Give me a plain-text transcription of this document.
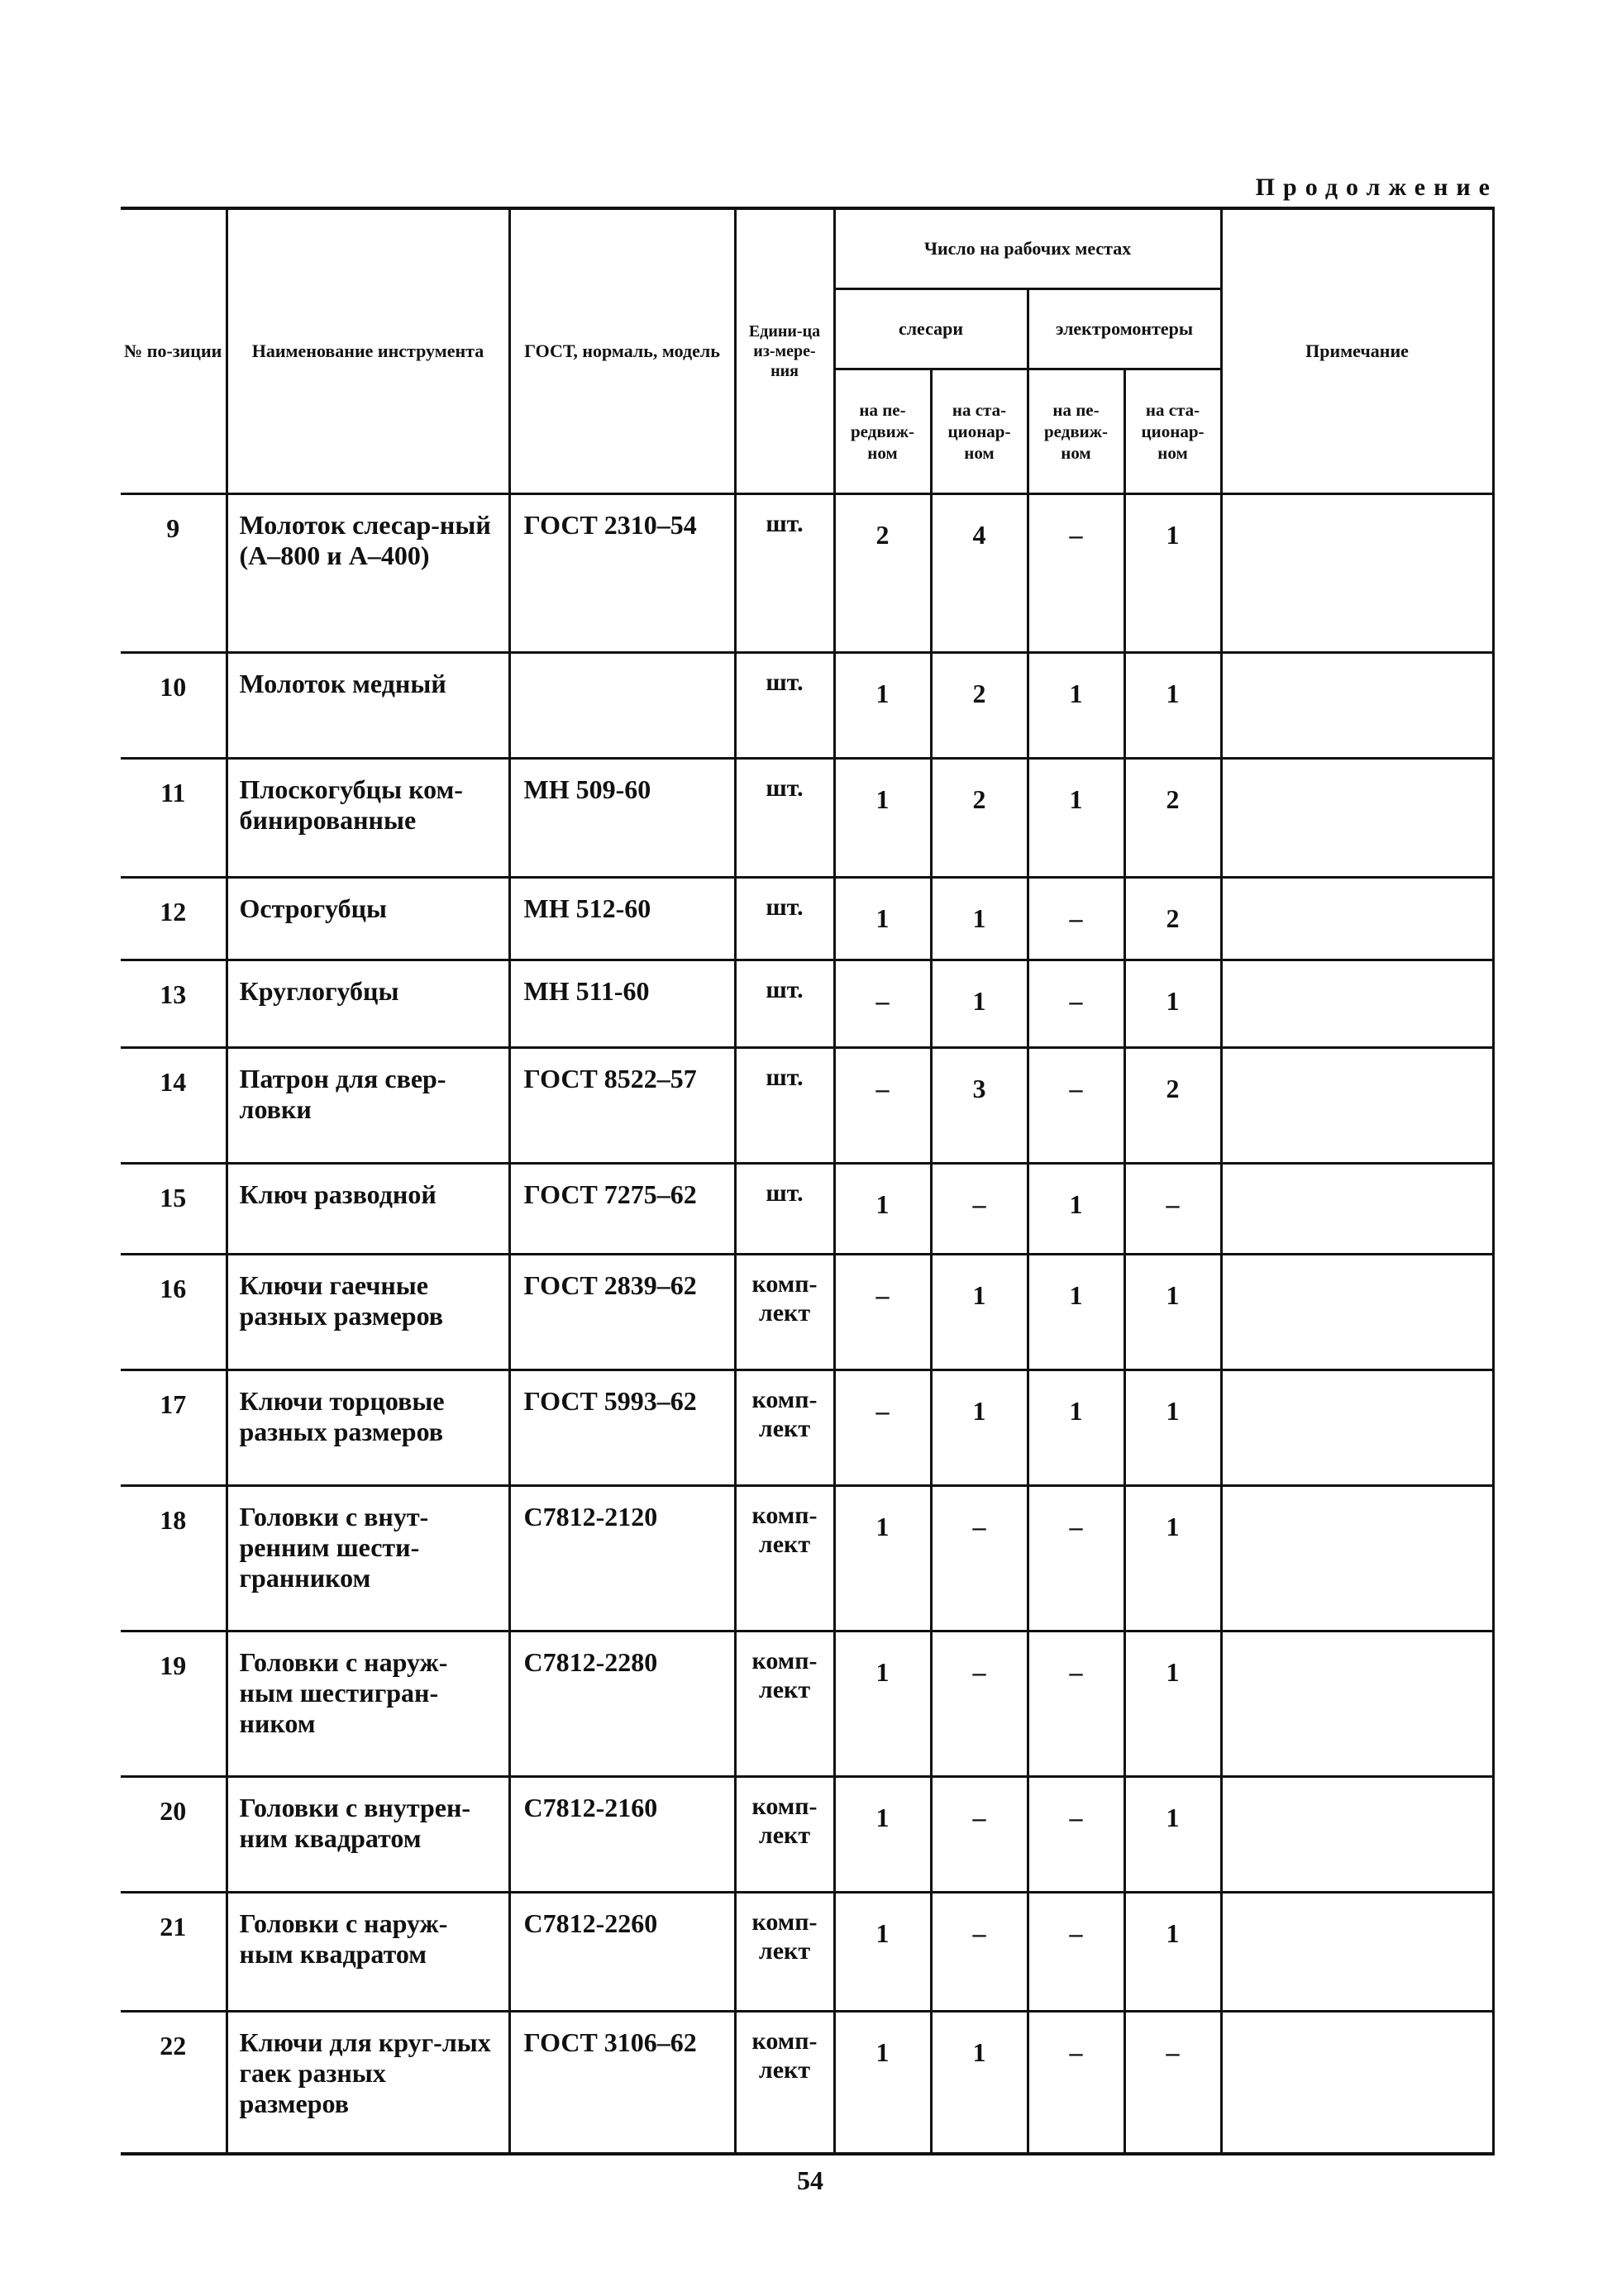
Продолжение
№ по-зиции	Наименование инструмента	ГОСТ, нормаль, модель	Едини-ца из-мере-ния	Число на рабочих местах				Примечание
				слесари		электромонтеры		
				на пе-редвиж-ном	на ста-ционар-ном	на пе-редвиж-ном	на ста-ционар-ном	
9	Молоток слесар-ный (А–800 и А–400)	ГОСТ 2310–54	шт.	2	4	–	1	
10	Молоток медный		шт.	1	2	1	1	
11	Плоскогубцы ком-бинированные	МН 509-60	шт.	1	2	1	2	
12	Острогубцы	МН 512-60	шт.	1	1	–	2	
13	Круглогубцы	МН 511-60	шт.	–	1	–	1	
14	Патрон для свер-ловки	ГОСТ 8522–57	шт.	–	3	–	2	
15	Ключ разводной	ГОСТ 7275–62	шт.	1	–	1	–	
16	Ключи гаечные разных размеров	ГОСТ 2839–62	комп-лект	–	1	1	1	
17	Ключи торцовые разных размеров	ГОСТ 5993–62	комп-лект	–	1	1	1	
18	Головки с внут-ренним шести-гранником	С7812-2120	комп-лект	1	–	–	1	
19	Головки с наруж-ным шестигран-ником	С7812-2280	комп-лект	1	–	–	1	
20	Головки с внутрен-ним квадратом	С7812-2160	комп-лект	1	–	–	1	
21	Головки с наруж-ным квадратом	С7812-2260	комп-лект	1	–	–	1	
22	Ключи для круг-лых гаек разных размеров	ГОСТ 3106–62	комп-лект	1	1	–	–	
54
